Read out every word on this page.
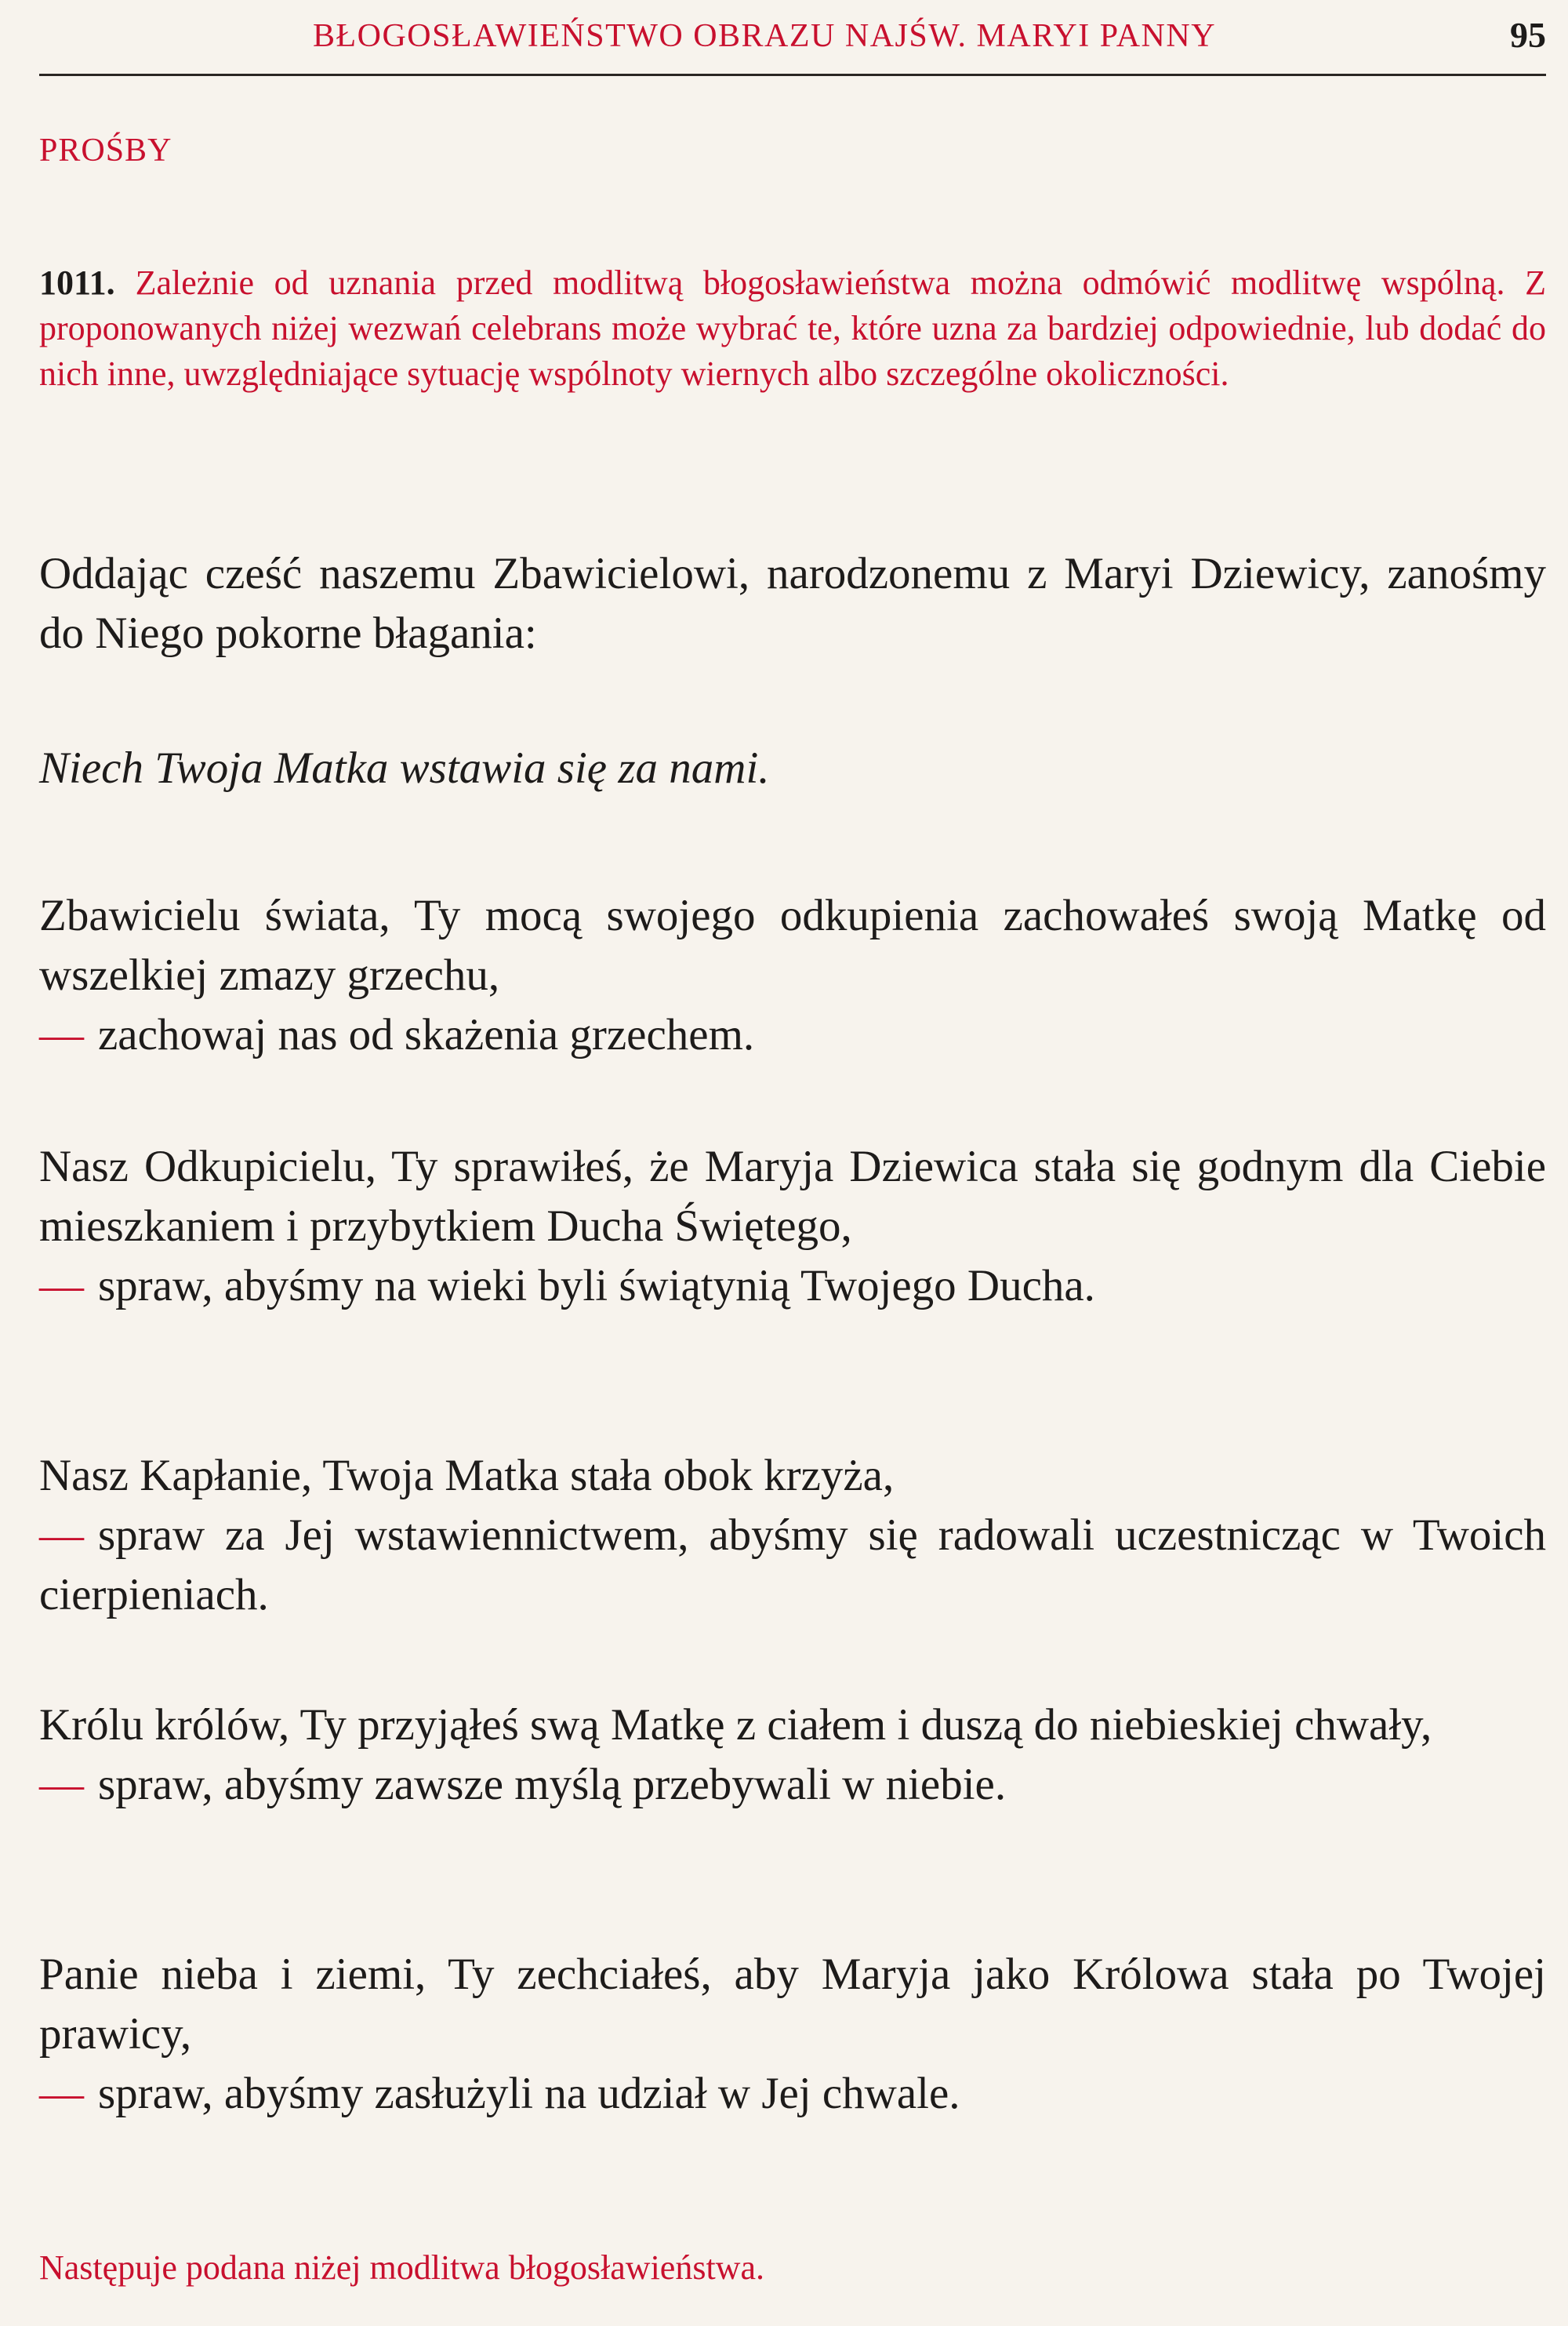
BŁOGOSŁAWIEŃSTWO OBRAZU NAJŚW. MARYI PANNY	95
PROŚBY
1011. Zależnie od uznania przed modlitwą błogosławieństwa można odmówić modlitwę wspólną. Z proponowanych niżej wezwań celebrans może wybrać te, które uzna za bardziej odpowiednie, lub dodać do nich inne, uwzględniające sytuację wspólnoty wiernych albo szczególne okoliczności.
Oddając cześć naszemu Zbawicielowi, narodzonemu z Maryi Dziewicy, zanośmy do Niego pokorne błagania:
Niech Twoja Matka wstawia się za nami.
Zbawicielu świata, Ty mocą swojego odkupienia zachowałeś swoją Matkę od wszelkiej zmazy grzechu,
— zachowaj nas od skażenia grzechem.
Nasz Odkupicielu, Ty sprawiłeś, że Maryja Dziewica stała się godnym dla Ciebie mieszkaniem i przybytkiem Ducha Świętego,
— spraw, abyśmy na wieki byli świątynią Twojego Ducha.
Nasz Kapłanie, Twoja Matka stała obok krzyża,
— spraw za Jej wstawiennictwem, abyśmy się radowali uczestnicząc w Twoich cierpieniach.
Królu królów, Ty przyjąłeś swą Matkę z ciałem i duszą do niebieskiej chwały,
— spraw, abyśmy zawsze myślą przebywali w niebie.
Panie nieba i ziemi, Ty zechciałeś, aby Maryja jako Królowa stała po Twojej prawicy,
— spraw, abyśmy zasłużyli na udział w Jej chwale.
Następuje podana niżej modlitwa błogosławieństwa.
